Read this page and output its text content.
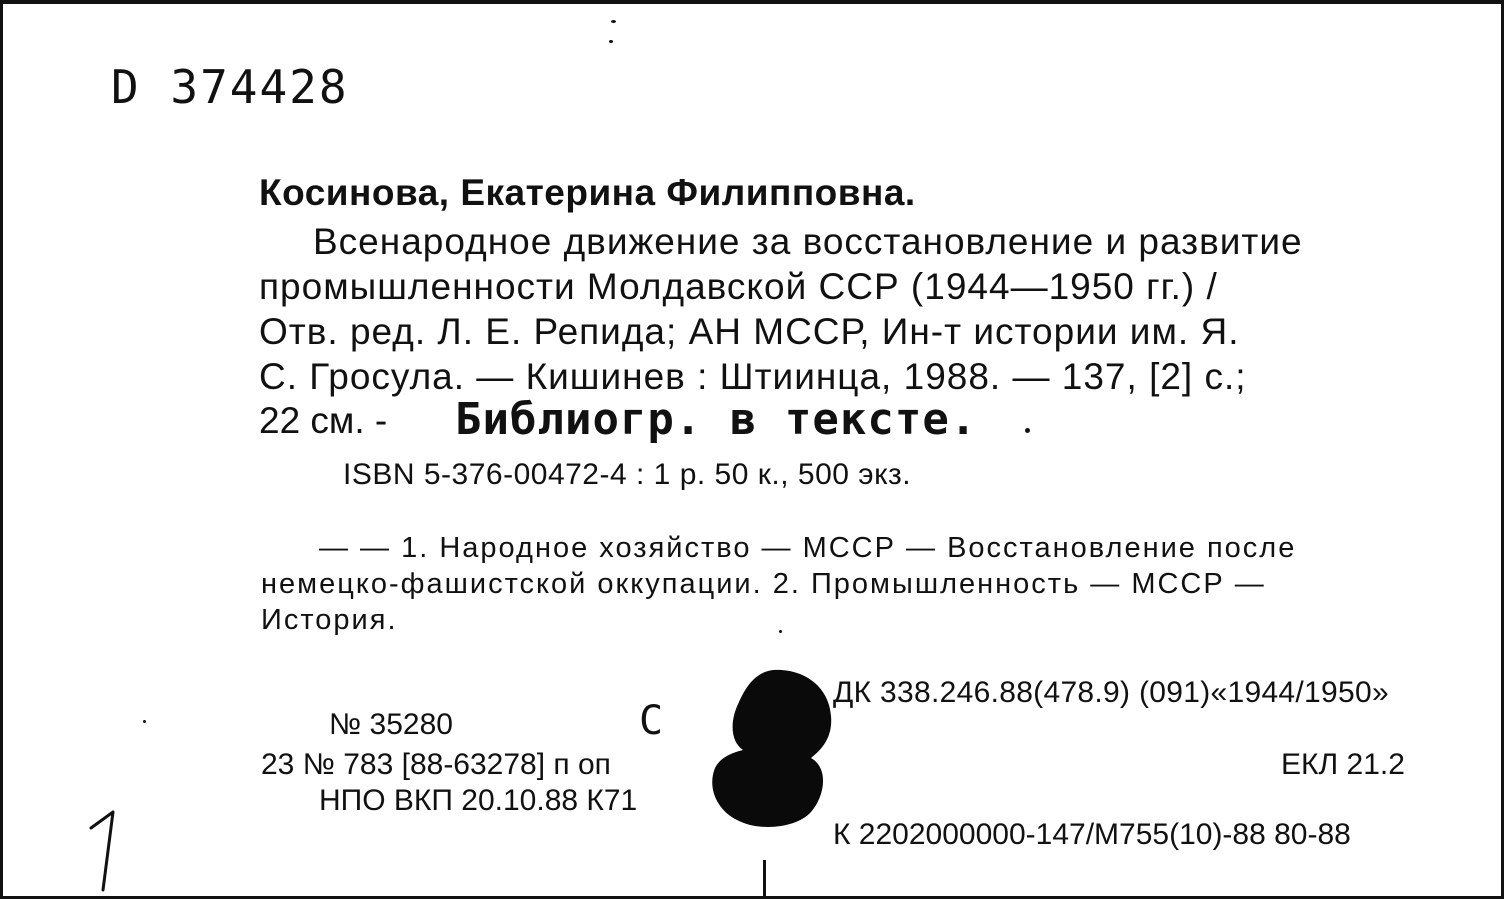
D 374428
Косинова, Екатерина Филипповна.
Всенародное движение за восстановление и развитие
промышленности Молдавской ССР (1944—1950 гг.) /
Отв. ред. Л. Е. Репида; АН МССР, Ин-т истории им. Я.
С. Гросула. — Кишинев : Штиинца, 1988. — 137, [2] с.;
22 см. - Библиогр. в тексте.
ISBN 5-376-00472-4 : 1 р. 50 к., 500 экз.
— — 1. Народное хозяйство — МССР — Восстановление после
немецко-фашистской оккупации. 2. Промышленность — МССР —
История.
ДК 338.246.88(478.9) (091)«1944/1950»
№ 35280	С
23 № 783 [88-63278] п оп
НПО ВКП 20.10.88 К71
ЕКЛ 21.2
К 2202000000-147/М755(10)-88 80-88
